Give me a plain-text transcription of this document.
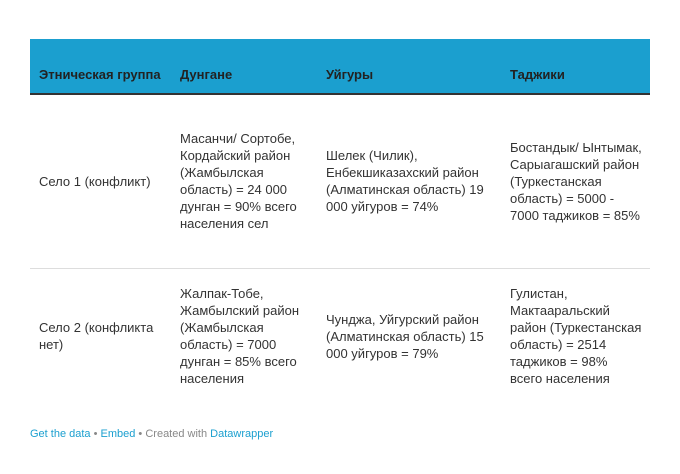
Этническая группа	Дунгане	Уйгуры	Таджики
Село 1 (конфликт)	Масанчи/ Сортобе, Кордайский район (Жамбылская область) = 24 000 дунган = 90% всего населения сел	Шелек (Чилик), Енбекшиказахский район (Алматинская область) 19 000 уйгуров = 74%	Бостандык/ Ынтымак, Сарыагашский район (Туркестанская область) = 5000 - 7000 таджиков = 85%
Село 2 (конфликта нет)	Жалпак-Тобе, Жамбылский район (Жамбылская область) = 7000 дунган = 85% всего населения	Чунджа, Уйгурский район (Алматинская область) 15 000 уйгуров = 79%	Гулистан, Мактаарaльский район (Туркестанская область) = 2514 таджиков = 98% всего населения
Get the data • Embed • Created with Datawrapper
